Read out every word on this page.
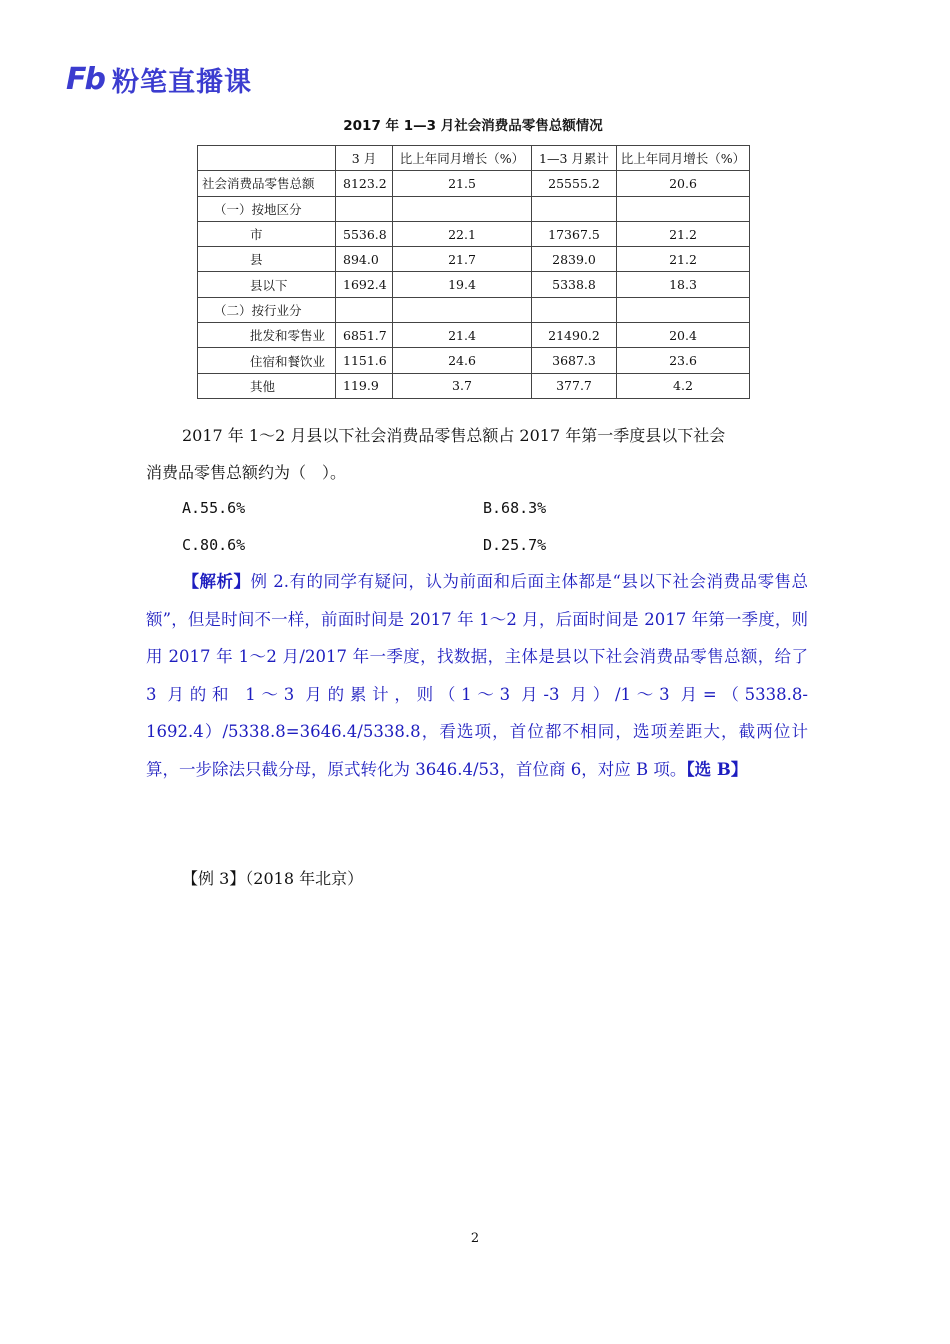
Fb 粉笔直播课
2017 年 1—3 月社会消费品零售总额情况
	3 月	比上年同月增长（%）	1—3 月累计	比上年同月增长（%）
社会消费品零售总额	8123.2	21.5	25555.2	20.6
（一）按地区分				
市	5536.8	22.1	17367.5	21.2
县	894.0	21.7	2839.0	21.2
县以下	1692.4	19.4	5338.8	18.3
（二）按行业分				
批发和零售业	6851.7	21.4	21490.2	20.4
住宿和餐饮业	1151.6	24.6	3687.3	23.6
其他	119.9	3.7	377.7	4.2
2017 年 1～2 月县以下社会消费品零售总额占 2017 年第一季度县以下社会
消费品零售总额约为（　）。
A.55.6%	B.68.3%
C.80.6%	D.25.7%
【解析】例 2.有的同学有疑问，认为前面和后面主体都是“县以下社会消费品零售总额”，但是时间不一样，前面时间是 2017 年 1～2 月，后面时间是 2017 年第一季度，则用 2017 年 1～2 月/2017 年一季度，找数据，主体是县以下社会消费品零售总额，给了 3 月的和 1～3 月的累计，则（1～3 月-3 月）/1～3 月=（5338.8-1692.4）/5338.8=3646.4/5338.8，看选项，首位都不相同，选项差距大，截两位计算，一步除法只截分母，原式转化为 3646.4/53，首位商 6，对应 B 项。【选 B】
【例 3】（2018 年北京）
2
